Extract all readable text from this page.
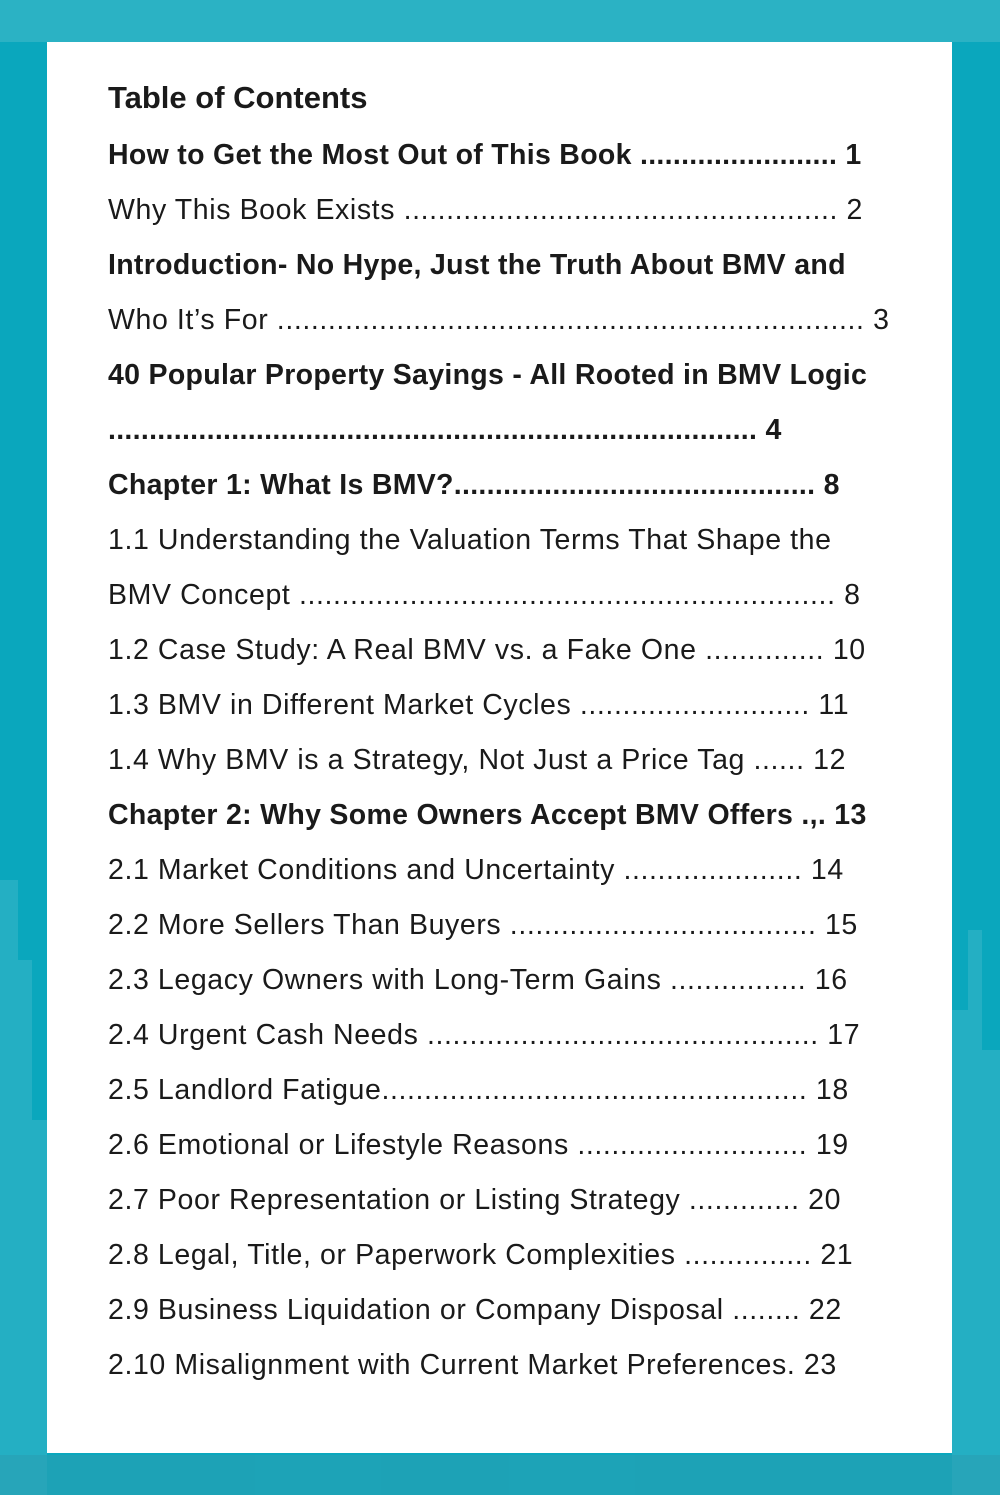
Table of Contents
How to Get the Most Out of This Book ........................ 1
Why This Book Exists ................................................... 2
Introduction- No Hype, Just the Truth About BMV and
Who It’s For ..................................................................... 3
40 Popular Property Sayings - All Rooted in BMV Logic
............................................................................... 4
Chapter 1: What Is BMV?............................................ 8
1.1 Understanding the Valuation Terms That Shape the
BMV Concept ............................................................... 8
1.2 Case Study: A Real BMV vs. a Fake One .............. 10
1.3 BMV in Different Market Cycles ........................... 11
1.4 Why BMV is a Strategy, Not Just a Price Tag ...... 12
Chapter 2: Why Some Owners Accept BMV Offers .,. 13
2.1 Market Conditions and Uncertainty ..................... 14
2.2 More Sellers Than Buyers .................................... 15
2.3 Legacy Owners with Long-Term Gains ................ 16
2.4 Urgent Cash Needs .............................................. 17
2.5 Landlord Fatigue.................................................. 18
2.6 Emotional or Lifestyle Reasons ........................... 19
2.7 Poor Representation or Listing Strategy ............. 20
2.8 Legal, Title, or Paperwork Complexities ............... 21
2.9 Business Liquidation or Company Disposal ........ 22
2.10 Misalignment with Current Market Preferences. 23
